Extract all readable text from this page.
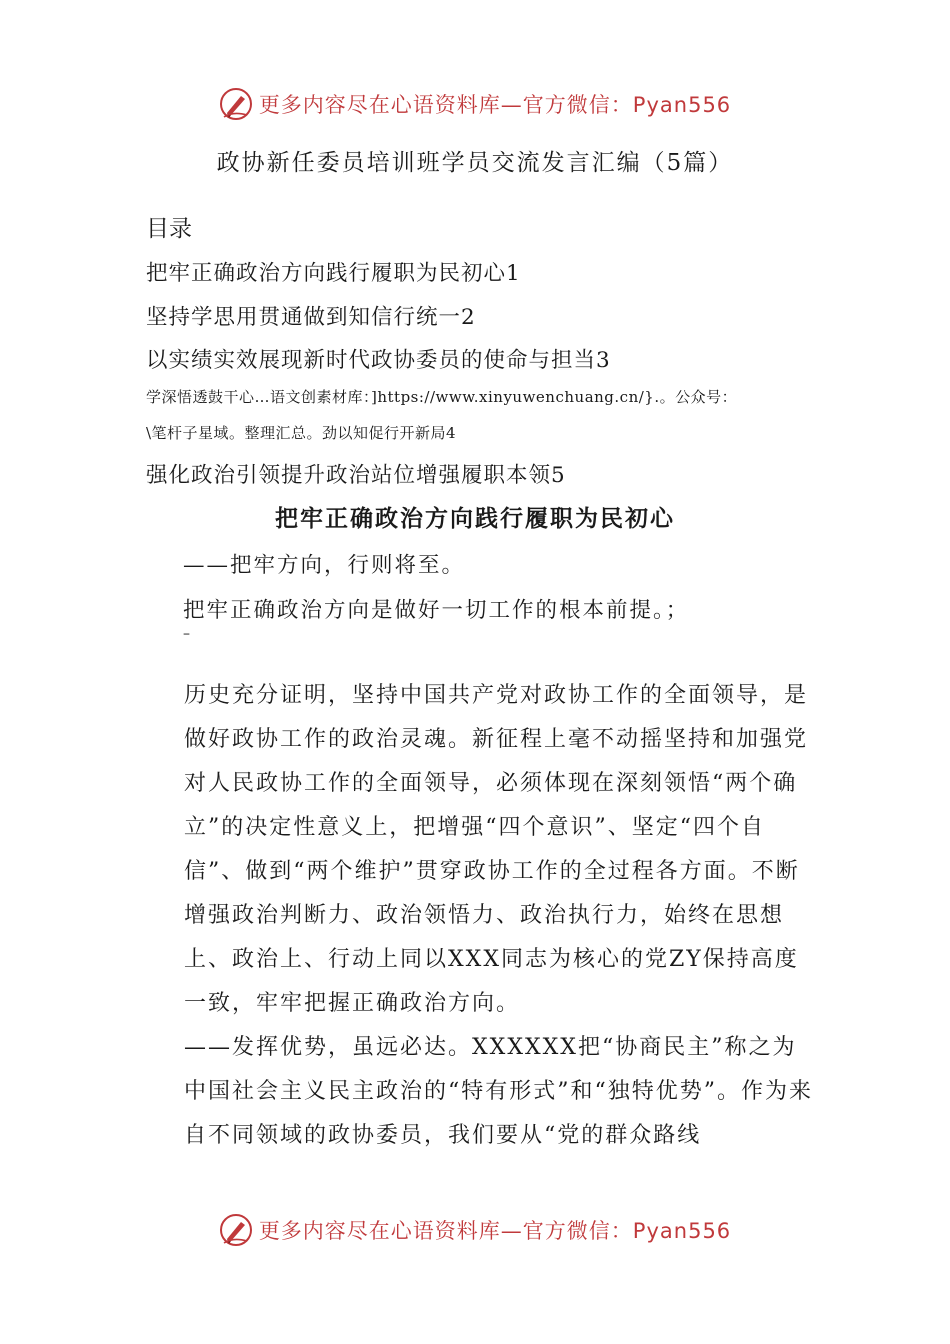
更多内容尽在心语资料库—官方微信：Pyan556
政协新任委员培训班学员交流发言汇编（5篇）
目录
把牢正确政治方向践行履职为民初心1
坚持学思用贯通做到知信行统一2
以实绩实效展现新时代政协委员的使命与担当3
学深悟透鼓干心…语文创素材库：]https://www.xinyuwenchuang.cn/}.。公众号：
\笔杆子星域。整理汇总。劲以知促行开新局4
强化政治引领提升政治站位增强履职本领5
把牢正确政治方向践行履职为民初心
——把牢方向，行则将至。
把牢正确政治方向是做好一切工作的根本前提。；
–

历史充分证明，坚持中国共产党对政协工作的全面领导，是做好政协工作的政治灵魂。新征程上毫不动摇坚持和加强党对人民政协工作的全面领导，必须体现在深刻领悟“两个确立”的决定性意义上，把增强“四个意识”、坚定“四个自信”、做到“两个维护”贯穿政协工作的全过程各方面。不断增强政治判断力、政治领悟力、政治执行力，始终在思想上、政治上、行动上同以XXX同志为核心的党ZY保持高度一致，牢牢把握正确政治方向。

——发挥优势，虽远必达。XXXXXX把“协商民主”称之为中国社会主义民主政治的“特有形式”和“独特优势”。作为来自不同领域的政协委员，我们要从“党的群众路线

更多内容尽在心语资料库—官方微信：Pyan556
